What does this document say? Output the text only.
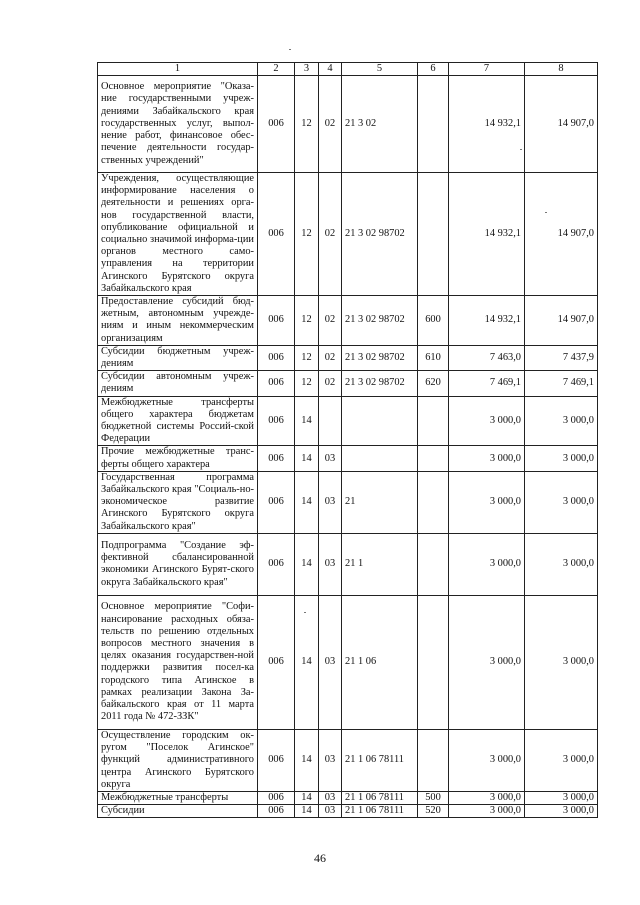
1	2	3	4	5	6	7	8
Основное мероприятие "Оказа-ние государственными учреж-дениями Забайкальского края государственных услуг, выпол-нение работ, финансовое обес-печение деятельности государ-ственных учреждений"	006	12	02	21 3 02		14 932,1	14 907,0
Учреждения, осуществляющие информирование населения о деятельности и решениях орга-нов государственной власти, опубликование официальной и социально значимой информа-ции органов местного само-управления на территории Агинского Бурятского округа Забайкальского края	006	12	02	21 3 02 98702		14 932,1	14 907,0
Предоставление субсидий бюд-жетным, автономным учрежде-ниям и иным некоммерческим организациям	006	12	02	21 3 02 98702	600	14 932,1	14 907,0
Субсидии бюджетным учреж-дениям	006	12	02	21 3 02 98702	610	7 463,0	7 437,9
Субсидии автономным учреж-дениям	006	12	02	21 3 02 98702	620	7 469,1	7 469,1
Межбюджетные трансферты общего характера бюджетам бюджетной системы Россий-ской Федерации	006	14				3 000,0	3 000,0
Прочие межбюджетные транс-ферты общего характера	006	14	03			3 000,0	3 000,0
Государственная программа Забайкальского края "Социаль-но-экономическое развитие Агинского Бурятского округа Забайкальского края"	006	14	03	21		3 000,0	3 000,0
Подпрограмма "Создание эф-фективной сбалансированной экономики Агинского Бурят-ского округа Забайкальского края"	006	14	03	21 1		3 000,0	3 000,0
Основное мероприятие "Софи-нансирование расходных обяза-тельств по решению отдельных вопросов местного значения в целях оказания государствен-ной поддержки развития посел-ка городского типа Агинское в рамках реализации Закона За-байкальского края от 11 марта 2011 года № 472-ЗЗК"	006	14	03	21 1 06		3 000,0	3 000,0
Осуществление городским ок-ругом "Поселок Агинское" функций административного центра Агинского Бурятского округа	006	14	03	21 1 06 78111		3 000,0	3 000,0
Межбюджетные трансферты	006	14	03	21 1 06 78111	500	3 000,0	3 000,0
Субсидии	006	14	03	21 1 06 78111	520	3 000,0	3 000,0
46
